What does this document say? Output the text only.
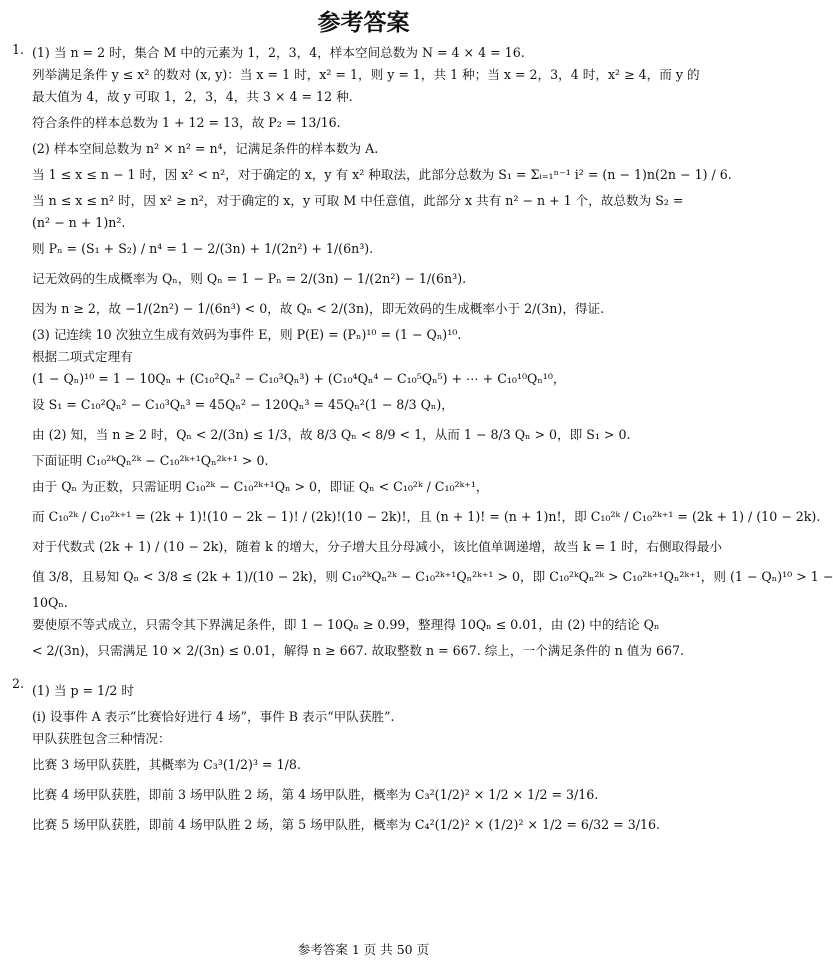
参考答案
1. (1) 当 n = 2 时，集合 M 中的元素为 1，2，3，4，样本空间总数为 N = 4 × 4 = 16.
列举满足条件 y ≤ x² 的数对 (x, y)：当 x = 1 时，x² = 1，则 y = 1，共 1 种；当 x = 2，3，4 时，x² ≥ 4，而 y 的
最大值为 4，故 y 可取 1，2，3，4，共 3 × 4 = 12 种.
符合条件的样本总数为 1 + 12 = 13，故 P₂ = 13/16.
(2) 样本空间总数为 n² × n² = n⁴，记满足条件的样本数为 A.
当 1 ≤ x ≤ n − 1 时，因 x² < n²，对于确定的 x，y 有 x² 种取法，此部分总数为 S₁ = Σᵢ₌₁ⁿ⁻¹ i² = (n − 1)n(2n − 1) / 6.
当 n ≤ x ≤ n² 时，因 x² ≥ n²，对于确定的 x，y 可取 M 中任意值，此部分 x 共有 n² − n + 1 个，故总数为 S₂ =
(n² − n + 1)n².
则 Pₙ = (S₁ + S₂) / n⁴ = 1 − 2/(3n) + 1/(2n²) + 1/(6n³).
记无效码的生成概率为 Qₙ，则 Qₙ = 1 − Pₙ = 2/(3n) − 1/(2n²) − 1/(6n³).
因为 n ≥ 2，故 −1/(2n²) − 1/(6n³) < 0，故 Qₙ < 2/(3n)，即无效码的生成概率小于 2/(3n)，得证.
(3) 记连续 10 次独立生成有效码为事件 E，则 P(E) = (Pₙ)¹⁰ = (1 − Qₙ)¹⁰.
根据二项式定理有
(1 − Qₙ)¹⁰ = 1 − 10Qₙ + (C₁₀²Qₙ² − C₁₀³Qₙ³) + (C₁₀⁴Qₙ⁴ − C₁₀⁵Qₙ⁵) + ⋯ + C₁₀¹⁰Qₙ¹⁰，
设 S₁ = C₁₀²Qₙ² − C₁₀³Qₙ³ = 45Qₙ² − 120Qₙ³ = 45Qₙ²(1 − 8/3 Qₙ)，
由 (2) 知，当 n ≥ 2 时，Qₙ < 2/(3n) ≤ 1/3，故 8/3 Qₙ < 8/9 < 1，从而 1 − 8/3 Qₙ > 0，即 S₁ > 0.
下面证明 C₁₀²ᵏQₙ²ᵏ − C₁₀²ᵏ⁺¹Qₙ²ᵏ⁺¹ > 0.
由于 Qₙ 为正数，只需证明 C₁₀²ᵏ − C₁₀²ᵏ⁺¹Qₙ > 0，即证 Qₙ < C₁₀²ᵏ / C₁₀²ᵏ⁺¹，
而 C₁₀²ᵏ / C₁₀²ᵏ⁺¹ = (2k + 1)!(10 − 2k − 1)! / (2k)!(10 − 2k)!，且 (n + 1)! = (n + 1)n!，即 C₁₀²ᵏ / C₁₀²ᵏ⁺¹ = (2k + 1) / (10 − 2k).
对于代数式 (2k + 1) / (10 − 2k)，随着 k 的增大，分子增大且分母减小，该比值单调递增，故当 k = 1 时，右侧取得最小
值 3/8，且易知 Qₙ < 3/8 ≤ (2k + 1)/(10 − 2k)，则 C₁₀²ᵏQₙ²ᵏ − C₁₀²ᵏ⁺¹Qₙ²ᵏ⁺¹ > 0，即 C₁₀²ᵏQₙ²ᵏ > C₁₀²ᵏ⁺¹Qₙ²ᵏ⁺¹，则 (1 − Qₙ)¹⁰ > 1 −
10Qₙ.
要使原不等式成立，只需令其下界满足条件，即 1 − 10Qₙ ≥ 0.99，整理得 10Qₙ ≤ 0.01，由 (2) 中的结论 Qₙ
< 2/(3n)，只需满足 10 × 2/(3n) ≤ 0.01，解得 n ≥ 667. 故取整数 n = 667. 综上，一个满足条件的 n 值为 667.
2. (1) 当 p = 1/2 时
(i) 设事件 A 表示“比赛恰好进行 4 场”，事件 B 表示“甲队获胜”.
甲队获胜包含三种情况：
比赛 3 场甲队获胜，其概率为 C₃³(1/2)³ = 1/8.
比赛 4 场甲队获胜，即前 3 场甲队胜 2 场，第 4 场甲队胜，概率为 C₃²(1/2)² × 1/2 × 1/2 = 3/16.
比赛 5 场甲队获胜，即前 4 场甲队胜 2 场，第 5 场甲队胜，概率为 C₄²(1/2)² × (1/2)² × 1/2 = 6/32 = 3/16.
参考答案 1 页 共 50 页
